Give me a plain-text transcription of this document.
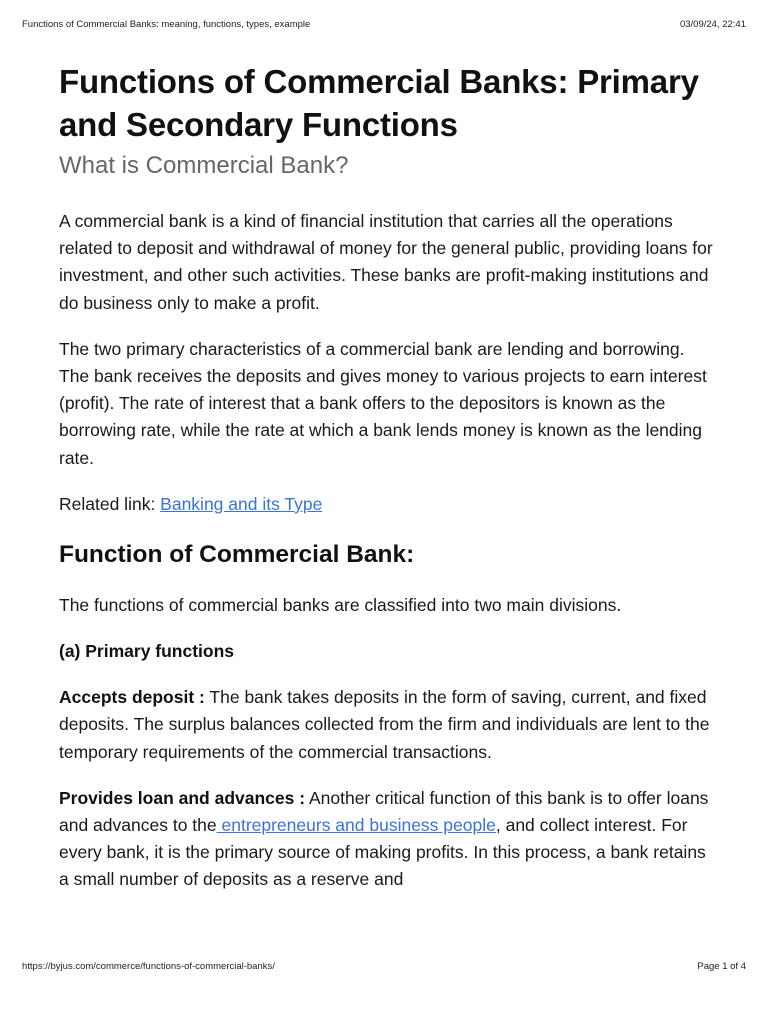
Functions of Commercial Banks: meaning, functions, types, example	03/09/24, 22:41
Functions of Commercial Banks: Primary and Secondary Functions
What is Commercial Bank?

A commercial bank is a kind of financial institution that carries all the operations related to deposit and withdrawal of money for the general public, providing loans for investment, and other such activities. These banks are profit-making institutions and do business only to make a profit.

The two primary characteristics of a commercial bank are lending and borrowing. The bank receives the deposits and gives money to various projects to earn interest (profit). The rate of interest that a bank offers to the depositors is known as the borrowing rate, while the rate at which a bank lends money is known as the lending rate.

Related link: Banking and its Type

Function of Commercial Bank:

The functions of commercial banks are classified into two main divisions.

(a) Primary functions

Accepts deposit : The bank takes deposits in the form of saving, current, and fixed deposits. The surplus balances collected from the firm and individuals are lent to the temporary requirements of the commercial transactions.

Provides loan and advances : Another critical function of this bank is to offer loans and advances to the entrepreneurs and business people, and collect interest. For every bank, it is the primary source of making profits. In this process, a bank retains a small number of deposits as a reserve and

https://byjus.com/commerce/functions-of-commercial-banks/	Page 1 of 4
